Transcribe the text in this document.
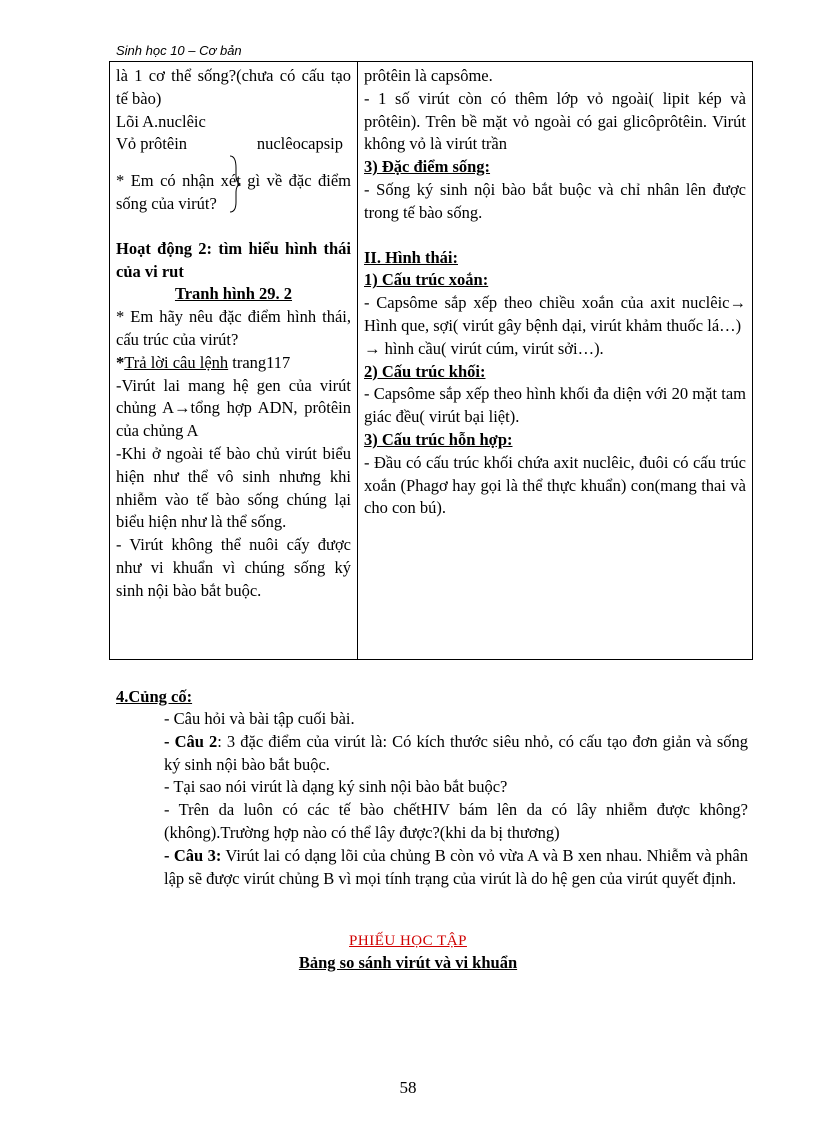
Sinh học 10 – Cơ bản
là 1 cơ thể sống?(chưa có cấu tạo tế bào)
Lõi A.nuclêic
Vỏ prôtêin	nuclêocapsip
* Em có nhận xét gì về đặc điểm sống của virút?
Hoạt động 2: tìm hiểu hình thái của vi rut
Tranh hình 29. 2
* Em hãy nêu đặc điểm hình thái, cấu trúc của virút?
*Trả lời câu lệnh trang117
-Virút lai mang hệ gen của virút chủng A→tổng hợp ADN, prôtêin của chủng A
-Khi ở ngoài tế bào chủ virút biểu hiện như thể vô sinh nhưng khi nhiễm vào tế bào sống chúng lại biểu hiện như là thể sống.
- Virút không thể nuôi cấy được như vi khuẩn vì chúng sống ký sinh nội bào bắt buộc.

prôtêin là capsôme.
- 1 số virút còn có thêm lớp vỏ ngoài( lipit kép và prôtêin). Trên bề mặt vỏ ngoài có gai glicôprôtêin. Virút không vỏ là virút trần
3) Đặc điểm sống:
- Sống ký sinh nội bào bắt buộc và chỉ nhân lên được trong tế bào sống.
II. Hình thái:
1) Cấu trúc xoắn:
- Capsôme sắp xếp theo chiều xoắn của axit nuclêic→ Hình que, sợi( virút gây bệnh dại, virút khảm thuốc lá…)
→ hình cầu( virút cúm, virút sởi…).
2) Cấu trúc khối:
- Capsôme sắp xếp theo hình khối đa diện với 20 mặt tam giác đều( virút bại liệt).
3) Cấu trúc hỗn hợp:
- Đầu có cấu trúc khối chứa axit nuclêic, đuôi có cấu trúc xoắn (Phagơ hay gọi là thể thực khuẩn) con(mang thai và cho con bú).
4.Củng cố:
- Câu hỏi và bài tập cuối bài.
- Câu 2: 3 đặc điểm của virút là: Có kích thước siêu nhỏ, có cấu tạo đơn giản và sống ký sinh nội bào bắt buộc.
- Tại sao nói virút là dạng ký sinh nội bào bắt buộc?
- Trên da luôn có các tế bào chếtHIV bám lên da có lây nhiễm được không?(không).Trường hợp nào có thể lây được?(khi da bị thương)
- Câu 3: Virút lai có dạng lõi của chủng B còn vỏ vừa A và B xen nhau. Nhiễm và phân lập sẽ được virút chủng B vì mọi tính trạng của virút là do hệ gen của virút quyết định.
PHIẾU HỌC TẬP
Bảng so sánh virút và vi khuẩn
58
